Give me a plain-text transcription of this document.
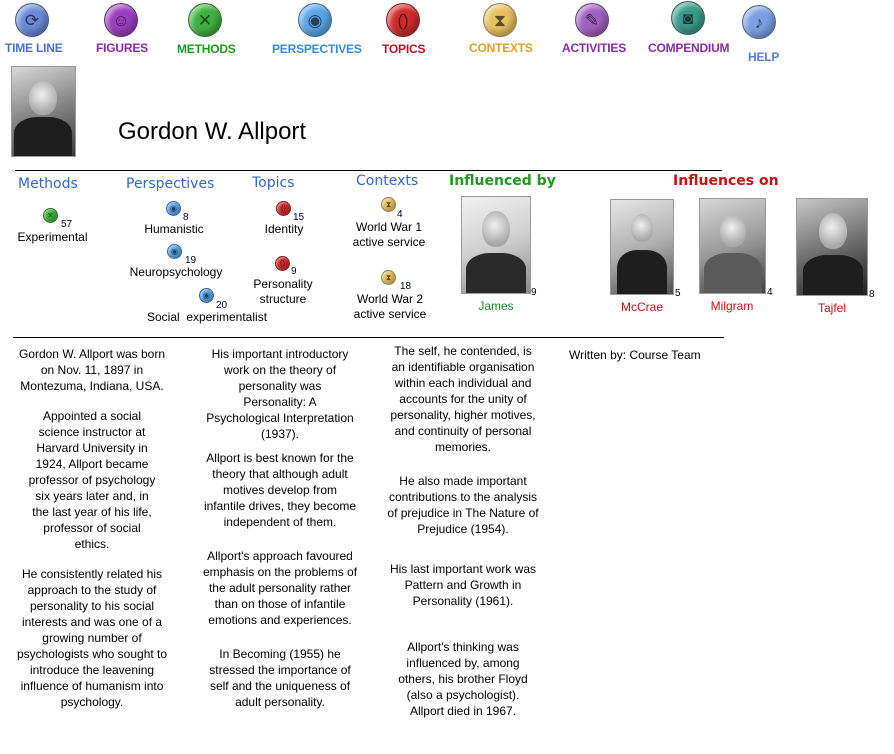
⟳
TIME LINE
☺
FIGURES
✕
METHODS
◉
PERSPECTIVES
()
TOPICS
⧗
CONTEXTS
✎
ACTIVITIES
◙
COMPENDIUM
♪
HELP
Gordon W. Allport
Methods	Perspectives	Topics	Contexts Influenced by	Influences on
✕
57
Experimental
◉
8
Humanistic
◉
19
Neuropsychology
◉
20
Social  experimentalist
()
15
Identity
()
9
Personality structure
⧗
4
World War 1 active service
⧗
18
World War 2 active service
9
James
5
McCrae
4
Milgram
8
Tajfel

Gordon W. Allport was born on Nov. 11, 1897 in Montezuma, Indiana, USA.

Appointed a social science instructor at Harvard University in 1924, Allport became professor of psychology six years later and, in the last year of his life, professor of social ethics.

He consistently related his approach to the study of personality to his social interests and was one of a growing number of psychologists who sought to introduce the leavening influence of humanism into psychology.

His important introductory work on the theory of personality was Personality: A Psychological Interpretation (1937).

Allport is best known for the theory that although adult motives develop from infantile drives, they become independent of them.

Allport's approach favoured emphasis on the problems of the adult personality rather than on those of infantile emotions and experiences.

In Becoming (1955) he stressed the importance of self and the uniqueness of adult personality.

The self, he contended, is an identifiable organisation within each individual and accounts for the unity of personality, higher motives, and continuity of personal memories.

He also made important contributions to the analysis of prejudice in The Nature of Prejudice (1954).

His last important work was Pattern and Growth in Personality (1961).

Allport's thinking was influenced by, among others, his brother Floyd (also a psychologist). Allport died in 1967.

Written by: Course Team
